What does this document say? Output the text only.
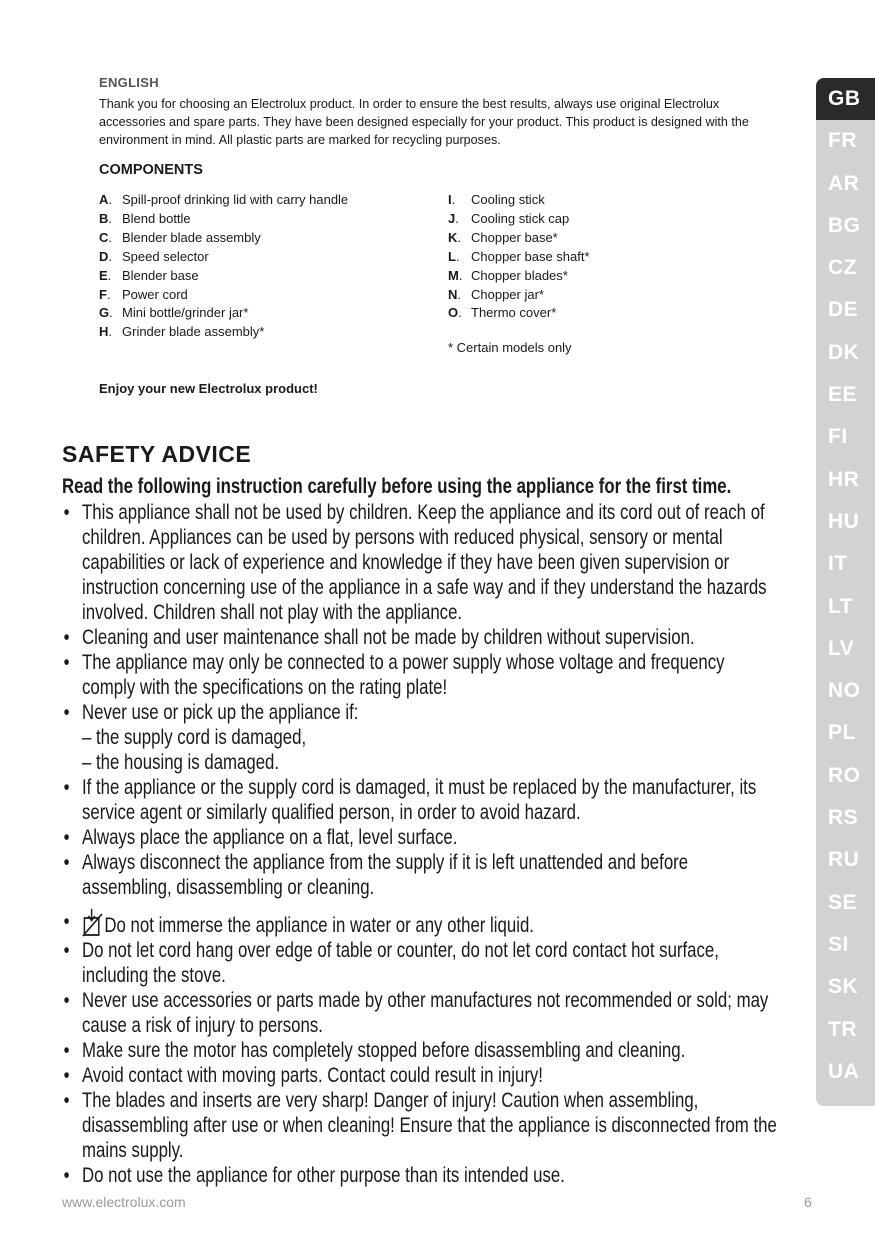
ENGLISH

Thank you for choosing an Electrolux product. In order to ensure the best results, always use original Electrolux accessories and spare parts. They have been designed especially for your product. This product is designed with the environment in mind. All plastic parts are marked for recycling purposes.

COMPONENTS
A . Spill-proof drinking lid with carry handle
B . Blend bottle
C . Blender blade assembly
D . Speed selector
E . Blender base
F . Power cord
G . Mini bottle/grinder jar*
H . Grinder blade assembly*
I . Cooling stick
J . Cooling stick cap
K . Chopper base*
L . Chopper base shaft*
M . Chopper blades*
N . Chopper jar*
O . Thermo cover*
* Certain models only
Enjoy your new Electrolux product!
SAFETY ADVICE
Read the following instruction carefully before using the appliance for the first time.
• This appliance shall not be used by children. Keep the appliance and its cord out of reach of children. Appliances can be used by persons with reduced physical, sensory or mental capabilities or lack of experience and knowledge if they have been given supervision or instruction concerning use of the appliance in a safe way and if they understand the hazards involved. Children shall not play with the appliance.
• Cleaning and user maintenance shall not be made by children without supervision.
• The appliance may only be connected to a power supply whose voltage and frequency comply with the specifications on the rating plate!
• Never use or pick up the appliance if:
– the supply cord is damaged,
– the housing is damaged.
• If the appliance or the supply cord is damaged, it must be replaced by the manufacturer, its service agent or similarly qualified person, in order to avoid hazard.
• Always place the appliance on a flat, level surface.
• Always disconnect the appliance from the supply if it is left unattended and before assembling, disassembling or cleaning.
• Do not immerse the appliance in water or any other liquid.
• Do not let cord hang over edge of table or counter, do not let cord contact hot surface, including the stove.
• Never use accessories or parts made by other manufactures not recommended or sold; may cause a risk of injury to persons.
• Make sure the motor has completely stopped before disassembling and cleaning.
• Avoid contact with moving parts. Contact could result in injury!
• The blades and inserts are very sharp! Danger of injury! Caution when assembling, disassembling after use or when cleaning! Ensure that the appliance is disconnected from the mains supply.
• Do not use the appliance for other purpose than its intended use.
www.electrolux.com	6
GB
FR
AR
BG
CZ
DE
DK
EE
FI
HR
HU
IT
LT
LV
NO
PL
RO
RS
RU
SE
SI
SK
TR
UA
